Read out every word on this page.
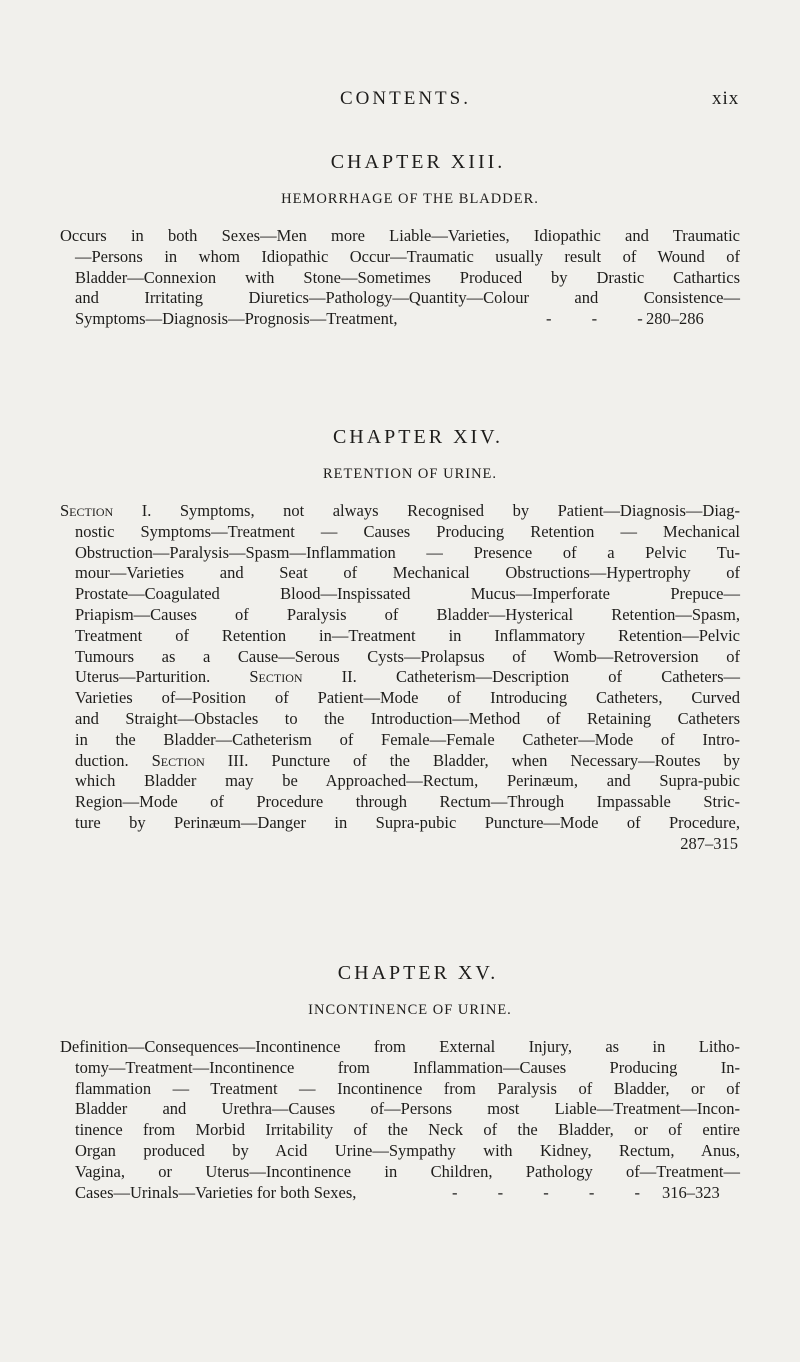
CONTENTS.	xix
CHAPTER XIII.
HEMORRHAGE OF THE BLADDER.
Occurs in both Sexes—Men more Liable—Varieties, Idiopathic and Traumatic
—Persons in whom Idiopathic Occur—Traumatic usually result of Wound of
Bladder—Connexion with Stone—Sometimes Produced by Drastic Cathartics
and Irritating Diuretics—Pathology—Quantity—Colour and Consistence—
Symptoms—Diagnosis—Prognosis—Treatment,	- - -
280–286
CHAPTER XIV.
RETENTION OF URINE.
Section I. Symptoms, not always Recognised by Patient—Diagnosis—Diag-
nostic Symptoms—Treatment — Causes Producing Retention — Mechanical
Obstruction—Paralysis—Spasm—Inflammation — Presence of a Pelvic Tu-
mour—Varieties and Seat of Mechanical Obstructions—Hypertrophy of
Prostate—Coagulated Blood—Inspissated Mucus—Imperforate Prepuce—
Priapism—Causes of Paralysis of Bladder—Hysterical Retention—Spasm,
Treatment of Retention in—Treatment in Inflammatory Retention—Pelvic
Tumours as a Cause—Serous Cysts—Prolapsus of Womb—Retroversion of
Uterus—Parturition. Section II. Catheterism—Description of Catheters—
Varieties of—Position of Patient—Mode of Introducing Catheters, Curved
and Straight—Obstacles to the Introduction—Method of Retaining Catheters
in the Bladder—Catheterism of Female—Female Catheter—Mode of Intro-
duction. Section III. Puncture of the Bladder, when Necessary—Routes by
which Bladder may be Approached—Rectum, Perinæum, and Supra-pubic
Region—Mode of Procedure through Rectum—Through Impassable Stric-
ture by Perinæum—Danger in Supra-pubic Puncture—Mode of Procedure,
287–315
CHAPTER XV.
INCONTINENCE OF URINE.
Definition—Consequences—Incontinence from External Injury, as in Litho-
tomy—Treatment—Incontinence from Inflammation—Causes Producing In-
flammation — Treatment — Incontinence from Paralysis of Bladder, or of
Bladder and Urethra—Causes of—Persons most Liable—Treatment—Incon-
tinence from Morbid Irritability of the Neck of the Bladder, or of entire
Organ produced by Acid Urine—Sympathy with Kidney, Rectum, Anus,
Vagina, or Uterus—Incontinence in Children, Pathology of—Treatment—
Cases—Urinals—Varieties for both Sexes,	- - - - - 316–323
